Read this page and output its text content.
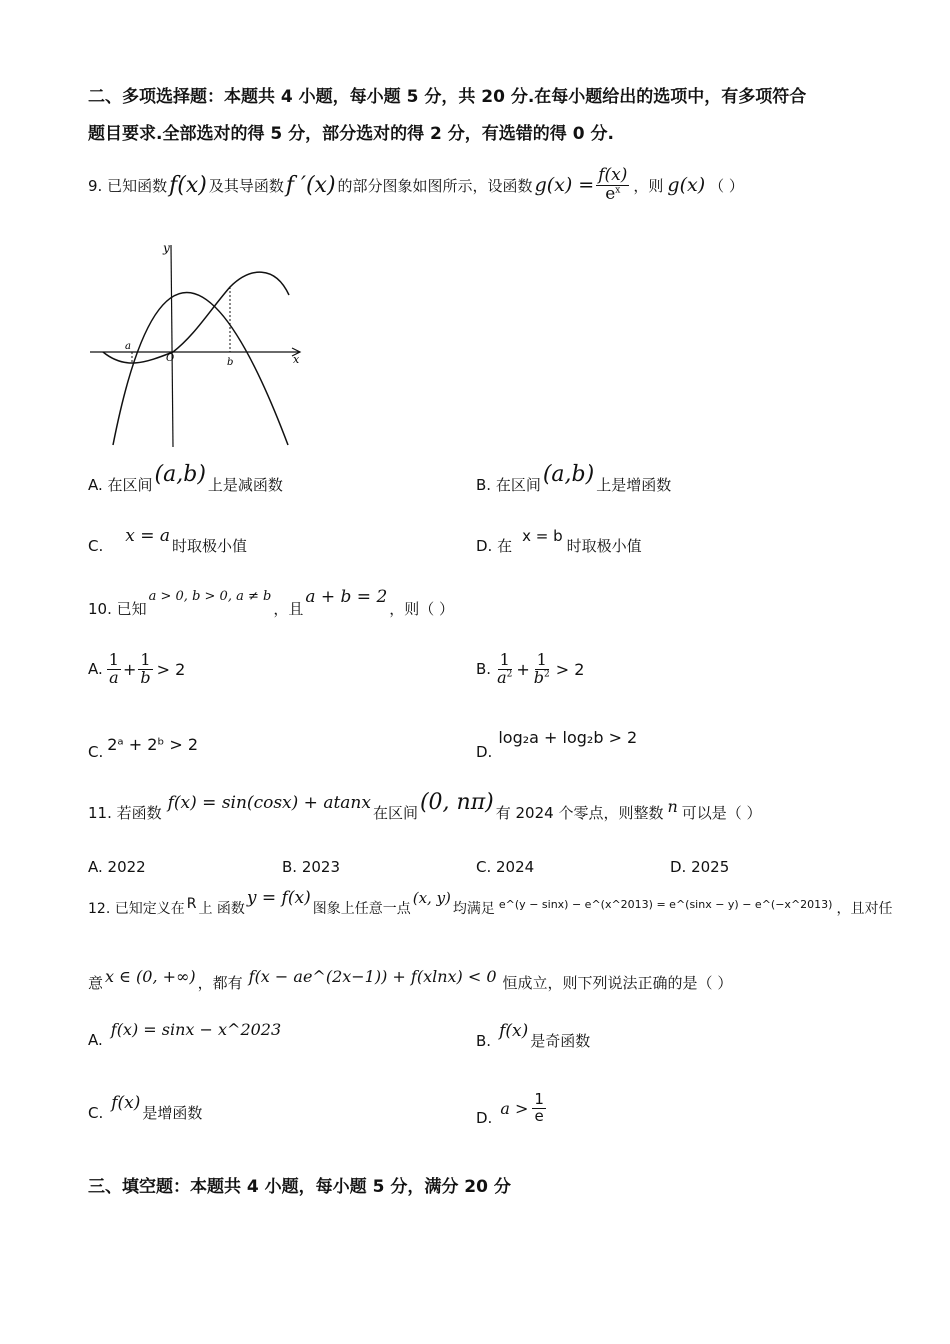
二、多项选择题：本题共 4 小题，每小题 5 分，共 20 分.在每小题给出的选项中，有多项符合
题目要求.全部选对的得 5 分，部分选对的得 2 分，有选错的得 0 分.
9. 已知函数 f(x) 及其导函数 f ′(x) 的部分图象如图所示，设函数 $g(x) = \frac{f(x)}{e^x}$ ，则 g(x) （ ）
y
x
O
a
b
A. 在区间 (a,b) 上是减函数	B. 在区间 (a,b) 上是增函数
C. x = a
时取极小值	D. 在
x = b
时取极小值
10. 已知
a > 0, b > 0, a ≠ b
，且
a + b = 2
，则（ ）
A. $\frac{1}{a} + \frac{1}{b} > 2$	B. $\frac{1}{a^2} + \frac{1}{b^2} > 2$
C. 2ᵃ + 2ᵇ > 2	D.
log₂a + log₂b > 2
11. 若函数
f(x) = sin(cosx) + atanx
在区间 (0, nπ) 有 2024 个零点，则整数 n 可以是（ ）
A. 2022	B. 2023	C. 2024	D. 2025
12. 已知定义在 R 上 函数
y = f(x)
图象上任意一点
(x, y)
均满足 e^(y − sinx) − e^(x^2013) = e^(sinx − y) − e^(−x^2013) ，且对任
意 x ∈ (0, +∞) ，都有 f(x − ae^(2x−1)) + f(xlnx) < 0 恒成立，则下列说法正确的是（ ）
A.
f(x) = sinx − x^2023
B. f(x)
是奇函数
C. f(x)
是增函数	D.
$a > \frac{1}{e}$
三、填空题：本题共 4 小题，每小题 5 分，满分 20 分
